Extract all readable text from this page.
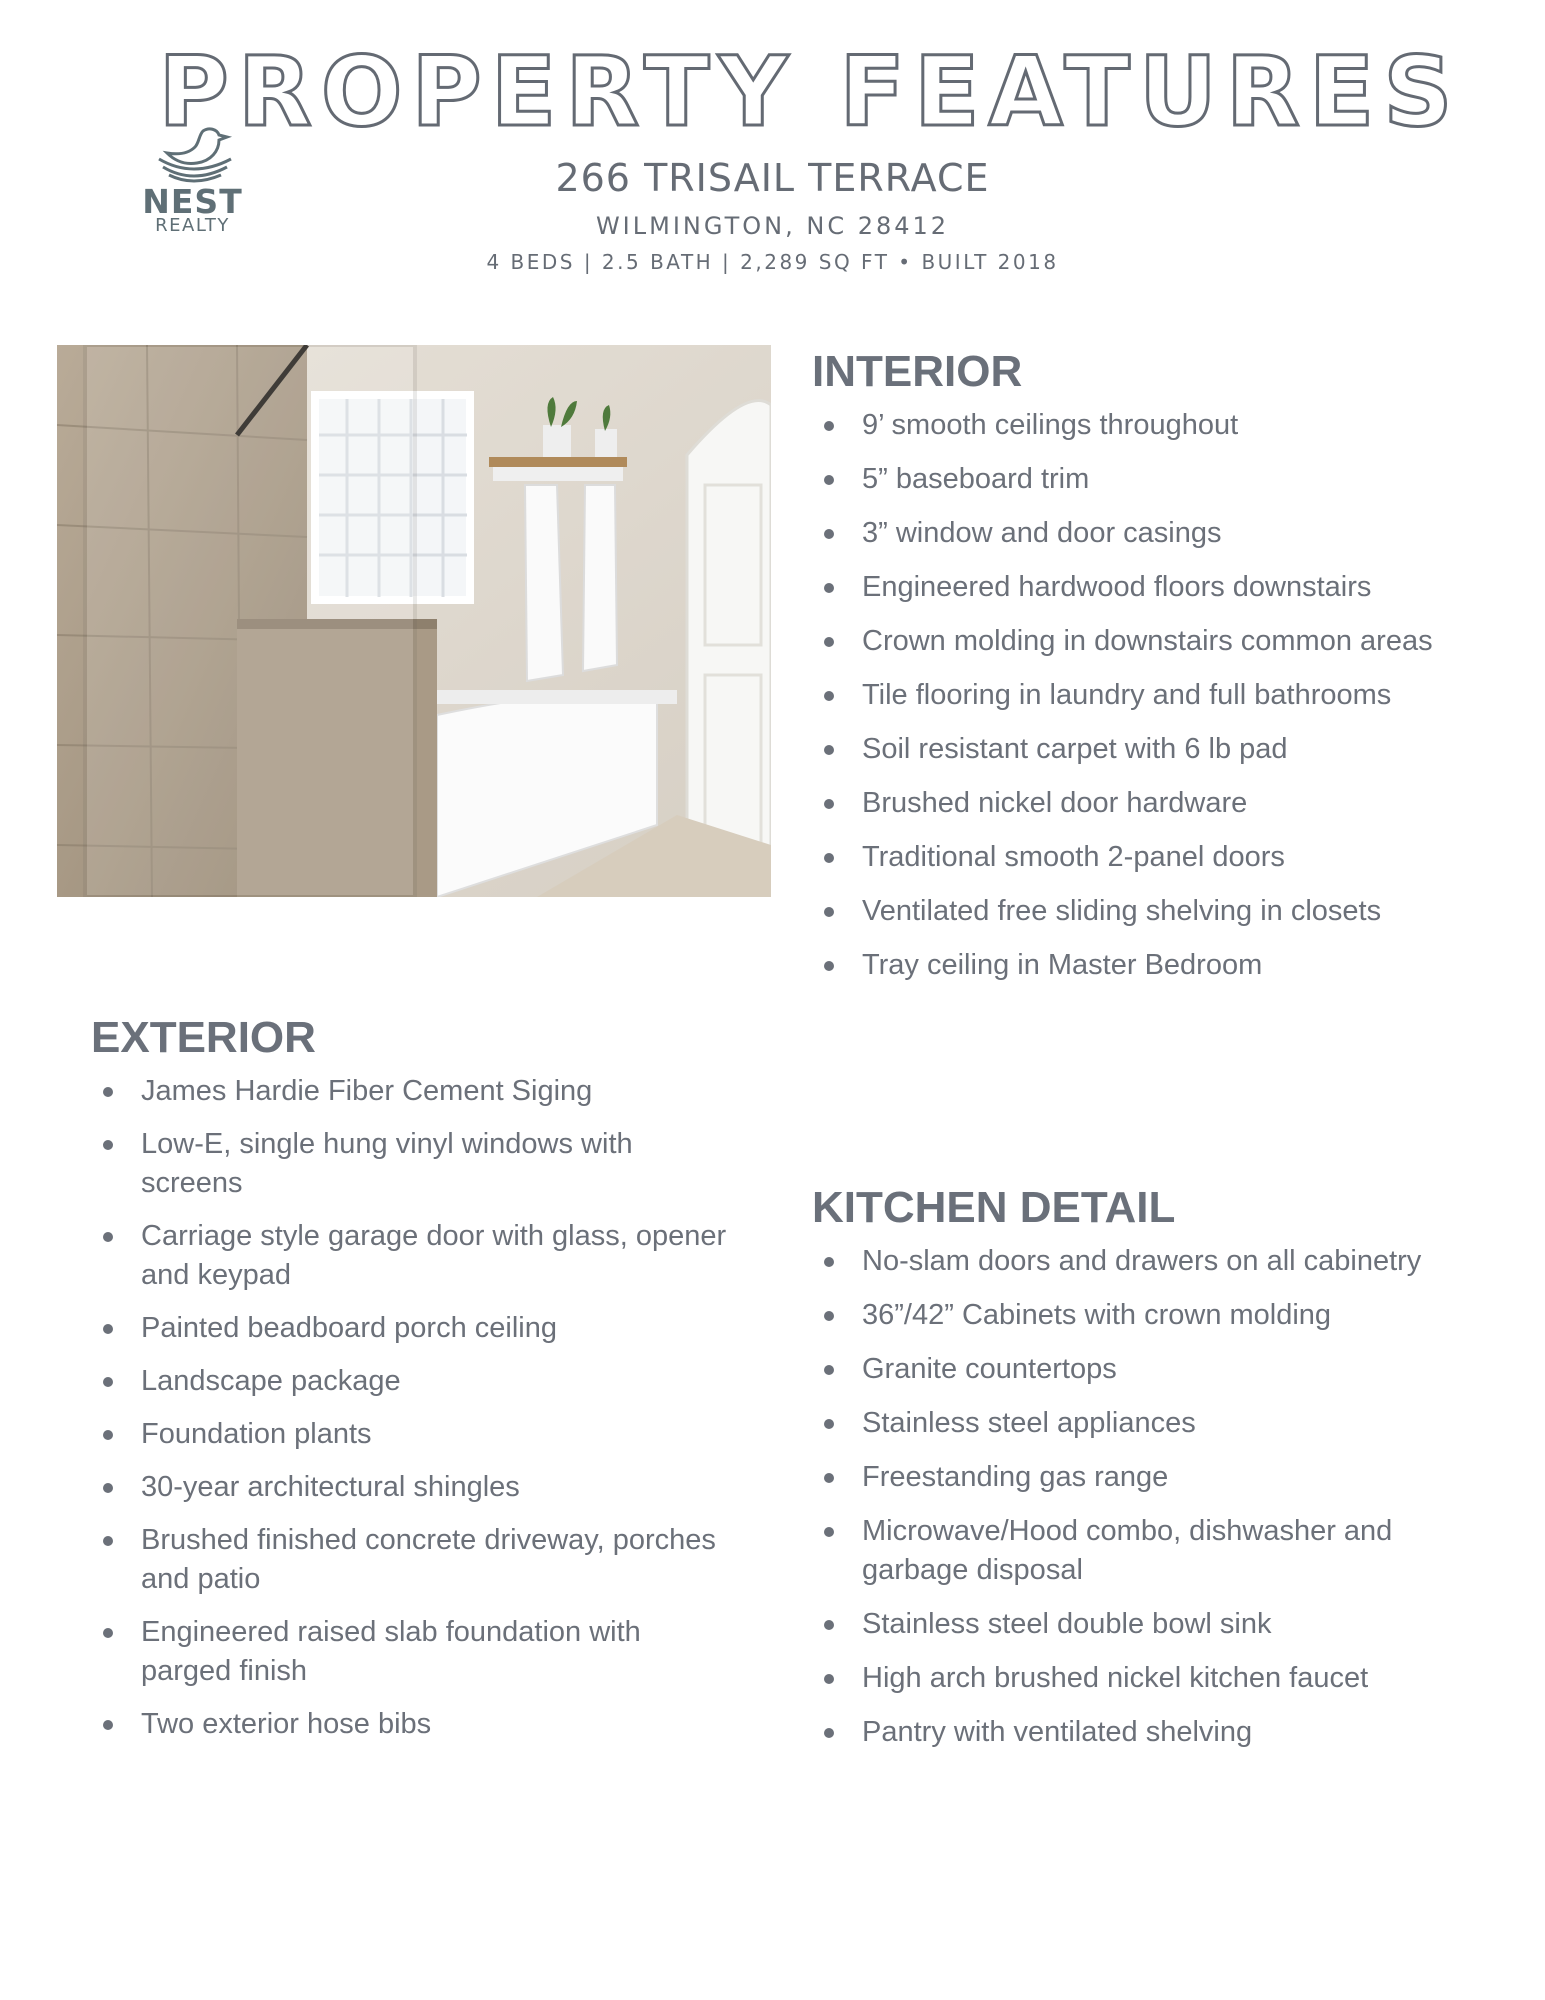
PROPERTY FEATURES
266 TRISAIL TERRACE
WILMINGTON, NC 28412
4 BEDS | 2.5 BATH | 2,289 SQ FT • BUILT 2018
NEST
REALTY
INTERIOR
9’ smooth ceilings throughout
5” baseboard trim
3” window and door casings
Engineered hardwood floors downstairs
Crown molding in downstairs common areas
Tile flooring in laundry and full bathrooms
Soil resistant carpet with 6 lb pad
Brushed nickel door hardware
Traditional smooth 2-panel doors
Ventilated free sliding shelving in closets
Tray ceiling in Master Bedroom
EXTERIOR
James Hardie Fiber Cement Siging
Low-E, single hung vinyl windows with screens
Carriage style garage door with glass, opener and keypad
Painted beadboard porch ceiling
Landscape package
Foundation plants
30-year architectural shingles
Brushed finished concrete driveway, porches and patio
Engineered raised slab foundation with parged finish
Two exterior hose bibs
KITCHEN DETAIL
No-slam doors and drawers on all cabinetry
36”/42” Cabinets with crown molding
Granite countertops
Stainless steel appliances
Freestanding gas range
Microwave/Hood combo, dishwasher and garbage disposal
Stainless steel double bowl sink
High arch brushed nickel kitchen faucet
Pantry with ventilated shelving
